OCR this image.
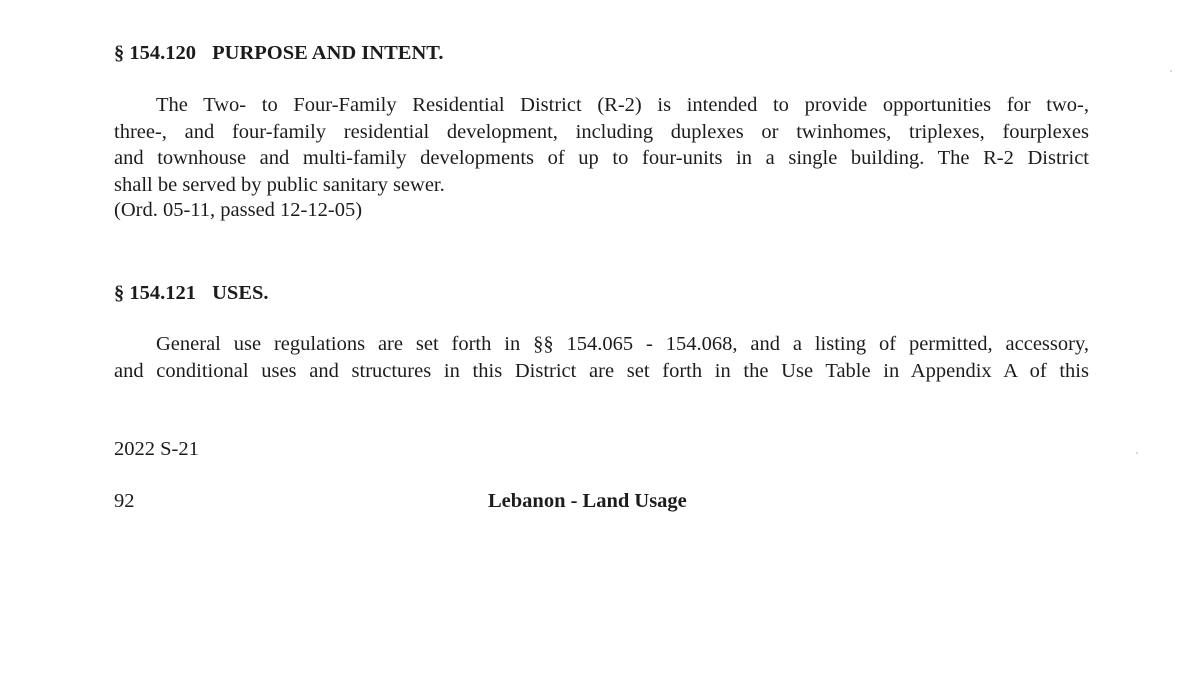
§ 154.120 PURPOSE AND INTENT.
The Two- to Four-Family Residential District (R-2) is intended to provide opportunities for two-,
three-, and four-family residential development, including duplexes or twinhomes, triplexes, fourplexes
and townhouse and multi-family developments of up to four-units in a single building. The R-2 District
shall be served by public sanitary sewer.
(Ord. 05-11, passed 12-12-05)
§ 154.121 USES.
General use regulations are set forth in §§ 154.065 - 154.068, and a listing of permitted, accessory,
and conditional uses and structures in this District are set forth in the Use Table in Appendix A of this
2022 S-21
92	Lebanon - Land Usage
